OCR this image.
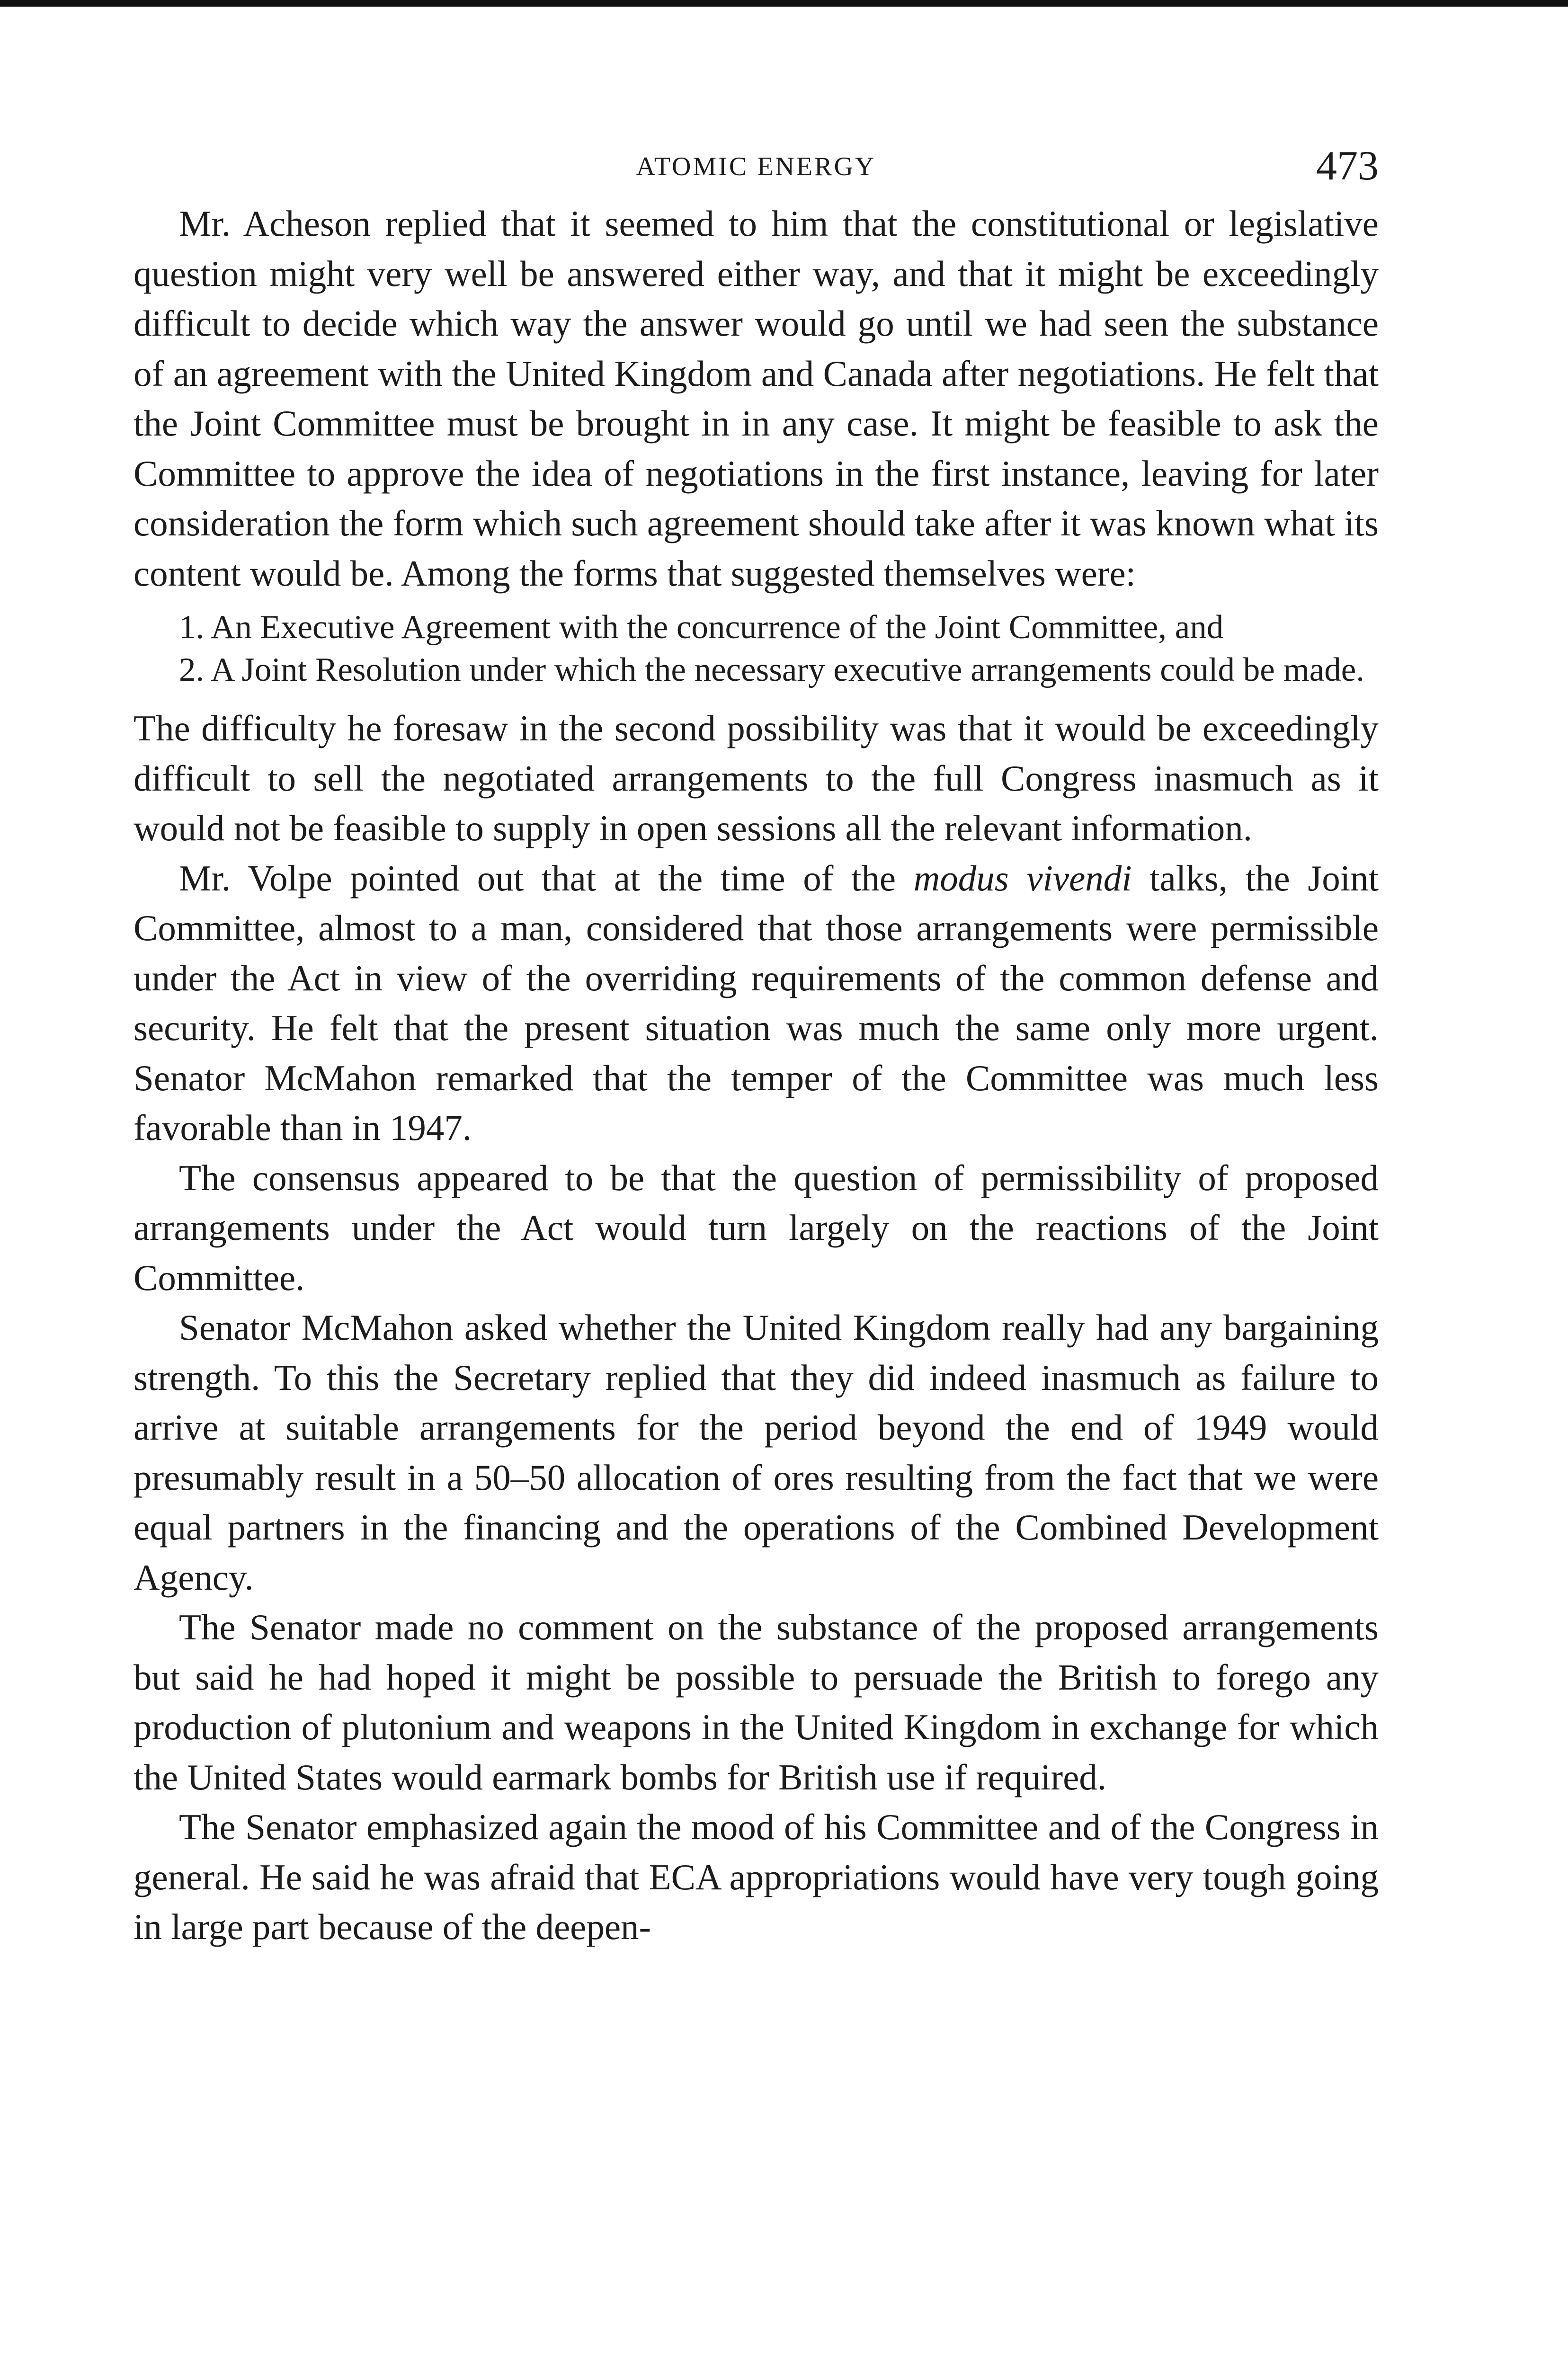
ATOMIC ENERGY	473

Mr. Acheson replied that it seemed to him that the constitutional or legislative question might very well be answered either way, and that it might be exceedingly difficult to decide which way the answer would go until we had seen the substance of an agreement with the United Kingdom and Canada after negotiations. He felt that the Joint Committee must be brought in in any case. It might be feasible to ask the Committee to approve the idea of negotiations in the first instance, leaving for later consideration the form which such agreement should take after it was known what its content would be. Among the forms that suggested themselves were:

1. An Executive Agreement with the concurrence of the Joint Committee, and
2. A Joint Resolution under which the necessary executive arrangements could be made.

The difficulty he foresaw in the second possibility was that it would be exceedingly difficult to sell the negotiated arrangements to the full Congress inasmuch as it would not be feasible to supply in open sessions all the relevant information.

Mr. Volpe pointed out that at the time of the modus vivendi talks, the Joint Committee, almost to a man, considered that those arrangements were permissible under the Act in view of the overriding requirements of the common defense and security. He felt that the present situation was much the same only more urgent. Senator McMahon remarked that the temper of the Committee was much less favorable than in 1947.

The consensus appeared to be that the question of permissibility of proposed arrangements under the Act would turn largely on the reactions of the Joint Committee.

Senator McMahon asked whether the United Kingdom really had any bargaining strength. To this the Secretary replied that they did indeed inasmuch as failure to arrive at suitable arrangements for the period beyond the end of 1949 would presumably result in a 50–50 allocation of ores resulting from the fact that we were equal partners in the financing and the operations of the Combined Development Agency.

The Senator made no comment on the substance of the proposed arrangements but said he had hoped it might be possible to persuade the British to forego any production of plutonium and weapons in the United Kingdom in exchange for which the United States would earmark bombs for British use if required.

The Senator emphasized again the mood of his Committee and of the Congress in general. He said he was afraid that ECA appropriations would have very tough going in large part because of the deepen-
